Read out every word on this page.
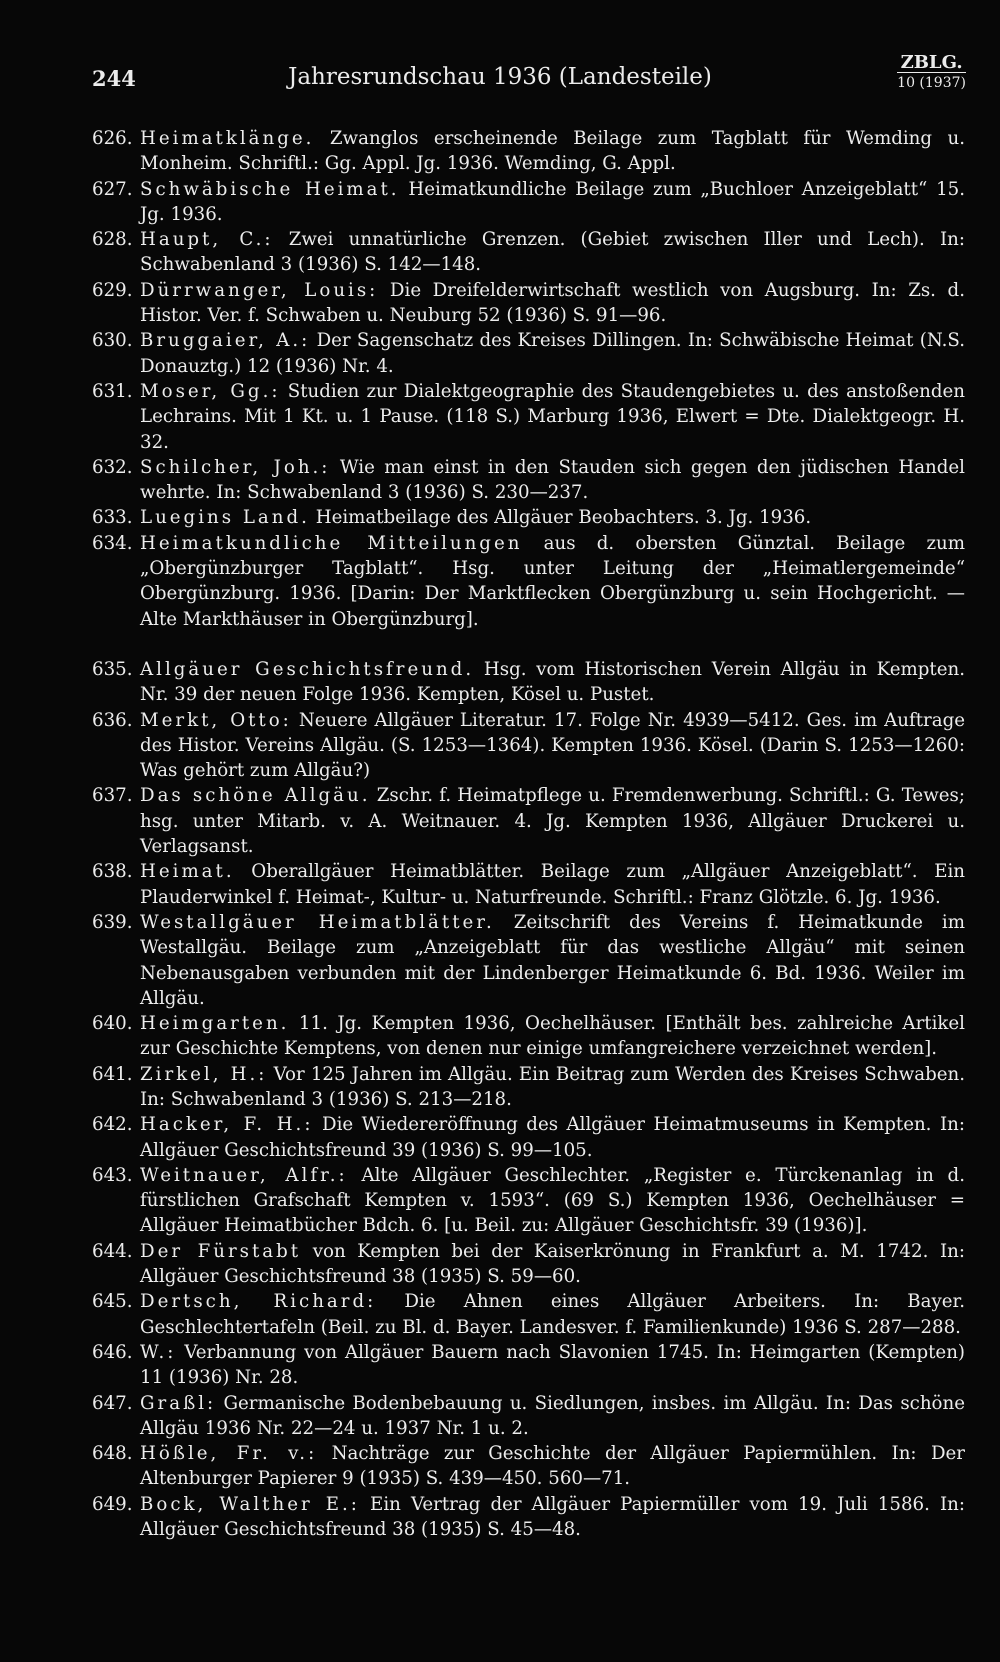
244	Jahresrundschau 1936 (Landesteile)
ZBLG.
10 (1937)
626. Heimatklänge. Zwanglos erscheinende Beilage zum Tagblatt für Wemding u. Monheim. Schriftl.: Gg. Appl. Jg. 1936. Wemding, G. Appl.
627. Schwäbische Heimat. Heimatkundliche Beilage zum „Buchloer Anzeigeblatt“ 15. Jg. 1936.
628. Haupt, C.: Zwei unnatürliche Grenzen. (Gebiet zwischen Iller und Lech). In: Schwabenland 3 (1936) S. 142—148.
629. Dürrwanger, Louis: Die Dreifelderwirtschaft westlich von Augsburg. In: Zs. d. Histor. Ver. f. Schwaben u. Neuburg 52 (1936) S. 91—96.
630. Bruggaier, A.: Der Sagenschatz des Kreises Dillingen. In: Schwäbische Heimat (N.S. Donauztg.) 12 (1936) Nr. 4.
631. Moser, Gg.: Studien zur Dialektgeographie des Staudengebietes u. des anstoßenden Lechrains. Mit 1 Kt. u. 1 Pause. (118 S.) Marburg 1936, Elwert = Dte. Dialektgeogr. H. 32.
632. Schilcher, Joh.: Wie man einst in den Stauden sich gegen den jüdischen Handel wehrte. In: Schwabenland 3 (1936) S. 230—237.
633. Luegins Land. Heimatbeilage des Allgäuer Beobachters. 3. Jg. 1936.
634. Heimatkundliche Mitteilungen aus d. obersten Günztal. Beilage zum „Obergünzburger Tagblatt“. Hsg. unter Leitung der „Heimatlergemeinde“ Obergünzburg. 1936. [Darin: Der Marktflecken Obergünzburg u. sein Hochgericht. — Alte Markthäuser in Obergünzburg].
635. Allgäuer Geschichtsfreund. Hsg. vom Historischen Verein Allgäu in Kempten. Nr. 39 der neuen Folge 1936. Kempten, Kösel u. Pustet.
636. Merkt, Otto: Neuere Allgäuer Literatur. 17. Folge Nr. 4939—5412. Ges. im Auftrage des Histor. Vereins Allgäu. (S. 1253—1364). Kempten 1936. Kösel. (Darin S. 1253—1260: Was gehört zum Allgäu?)
637. Das schöne Allgäu. Zschr. f. Heimatpflege u. Fremdenwerbung. Schriftl.: G. Tewes; hsg. unter Mitarb. v. A. Weitnauer. 4. Jg. Kempten 1936, Allgäuer Druckerei u. Verlagsanst.
638. Heimat. Oberallgäuer Heimatblätter. Beilage zum „Allgäuer Anzeigeblatt“. Ein Plauderwinkel f. Heimat-, Kultur- u. Naturfreunde. Schriftl.: Franz Glötzle. 6. Jg. 1936.
639. Westallgäuer Heimatblätter. Zeitschrift des Vereins f. Heimatkunde im Westallgäu. Beilage zum „Anzeigeblatt für das westliche Allgäu“ mit seinen Nebenausgaben verbunden mit der Lindenberger Heimatkunde 6. Bd. 1936. Weiler im Allgäu.
640. Heimgarten. 11. Jg. Kempten 1936, Oechelhäuser. [Enthält bes. zahlreiche Artikel zur Geschichte Kemptens, von denen nur einige umfangreichere verzeichnet werden].
641. Zirkel, H.: Vor 125 Jahren im Allgäu. Ein Beitrag zum Werden des Kreises Schwaben. In: Schwabenland 3 (1936) S. 213—218.
642. Hacker, F. H.: Die Wiedereröffnung des Allgäuer Heimatmuseums in Kempten. In: Allgäuer Geschichtsfreund 39 (1936) S. 99—105.
643. Weitnauer, Alfr.: Alte Allgäuer Geschlechter. „Register e. Türckenanlag in d. fürstlichen Grafschaft Kempten v. 1593“. (69 S.) Kempten 1936, Oechelhäuser = Allgäuer Heimatbücher Bdch. 6. [u. Beil. zu: Allgäuer Geschichtsfr. 39 (1936)].
644. Der Fürstabt von Kempten bei der Kaiserkrönung in Frankfurt a. M. 1742. In: Allgäuer Geschichtsfreund 38 (1935) S. 59—60.
645. Dertsch, Richard: Die Ahnen eines Allgäuer Arbeiters. In: Bayer. Geschlechtertafeln (Beil. zu Bl. d. Bayer. Landesver. f. Familienkunde) 1936 S. 287—288.
646. W.: Verbannung von Allgäuer Bauern nach Slavonien 1745. In: Heimgarten (Kempten) 11 (1936) Nr. 28.
647. Graßl: Germanische Bodenbebauung u. Siedlungen, insbes. im Allgäu. In: Das schöne Allgäu 1936 Nr. 22—24 u. 1937 Nr. 1 u. 2.
648. Hößle, Fr. v.: Nachträge zur Geschichte der Allgäuer Papiermühlen. In: Der Altenburger Papierer 9 (1935) S. 439—450. 560—71.
649. Bock, Walther E.: Ein Vertrag der Allgäuer Papiermüller vom 19. Juli 1586. In: Allgäuer Geschichtsfreund 38 (1935) S. 45—48.
